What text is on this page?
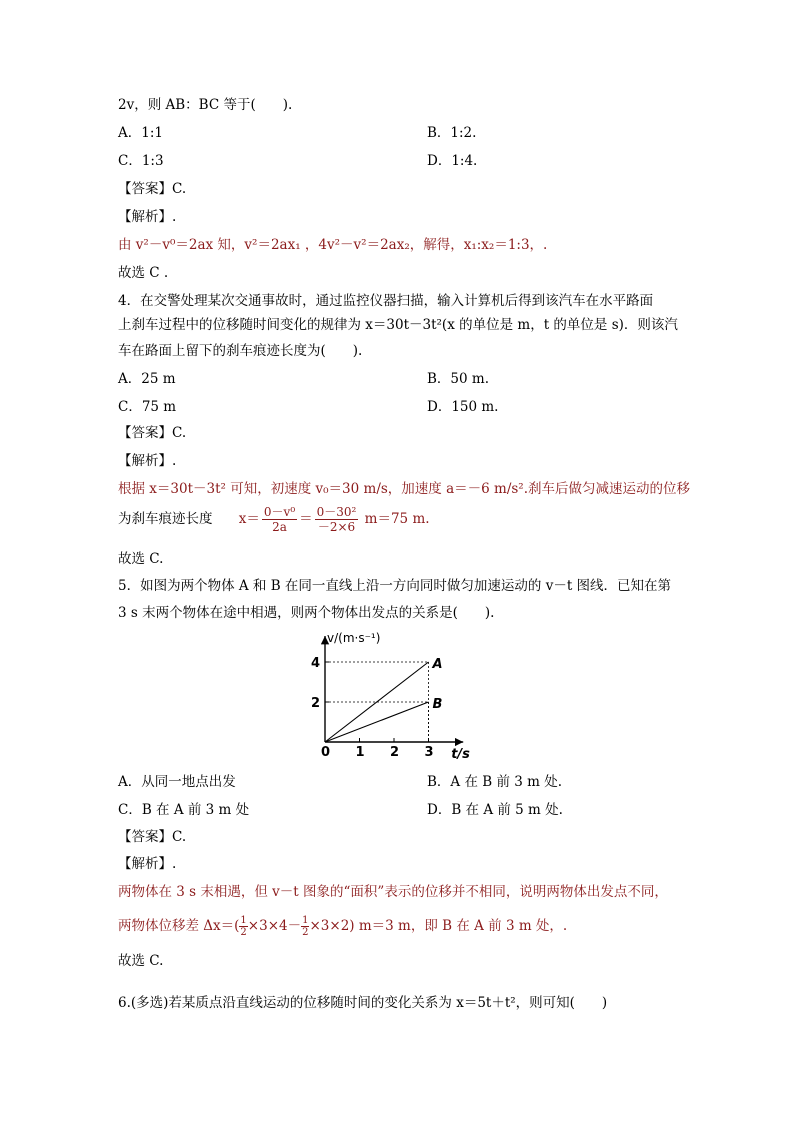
2v，则 AB：BC 等于(　　).
A．1:1	B．1:2.
C．1:3	D．1:4.
【答案】C.
【解析】.
由 v²－v⁰＝2ax 知，v²＝2ax₁ ，4v²－v²＝2ax₂，解得，x₁:x₂＝1:3，.
故选 C .
4．在交警处理某次交通事故时，通过监控仪器扫描，输入计算机后得到该汽车在水平路面
上刹车过程中的位移随时间变化的规律为 x＝30t－3t²(x 的单位是 m，t 的单位是 s)．则该汽
车在路面上留下的刹车痕迹长度为(　　).
A．25 m	B．50 m.
C．75 m	D．150 m.
【答案】C.
【解析】.
根据 x＝30t－3t² 可知，初速度 v₀＝30 m/s，加速度 a＝－6 m/s².刹车后做匀减速运动的位移
为刹车痕迹长度 $x= \frac{\text{0－v⁰}}{2a} = \frac{\text{0－30²}}{-2\times 6} m=75$ m.
故选 C.
5．如图为两个物体 A 和 B 在同一直线上沿一方向同时做匀加速运动的 v－t 图线．已知在第
3 s 末两个物体在途中相遇，则两个物体出发点的关系是(　　).
0 1 2 3
2
4	A
B
t/s
v/(m·s⁻¹)
A．从同一地点出发	B．A 在 B 前 3 m 处.
C．B 在 A 前 3 m 处	D．B 在 A 前 5 m 处.
【答案】C.
【解析】.
两物体在 3 s 末相遇，但 v－t 图象的“面积”表示的位移并不相同，说明两物体出发点不同，
两物体位移差 $\Delta x=( \frac{1}{2} \times 3\times 4- \frac{1}{2} \times 3\times 2)$ m＝3 m，即 B 在 A 前 3 m 处，.
故选 C.
6.(多选)若某质点沿直线运动的位移随时间的变化关系为 x＝5t＋t²，则可知(　　)
